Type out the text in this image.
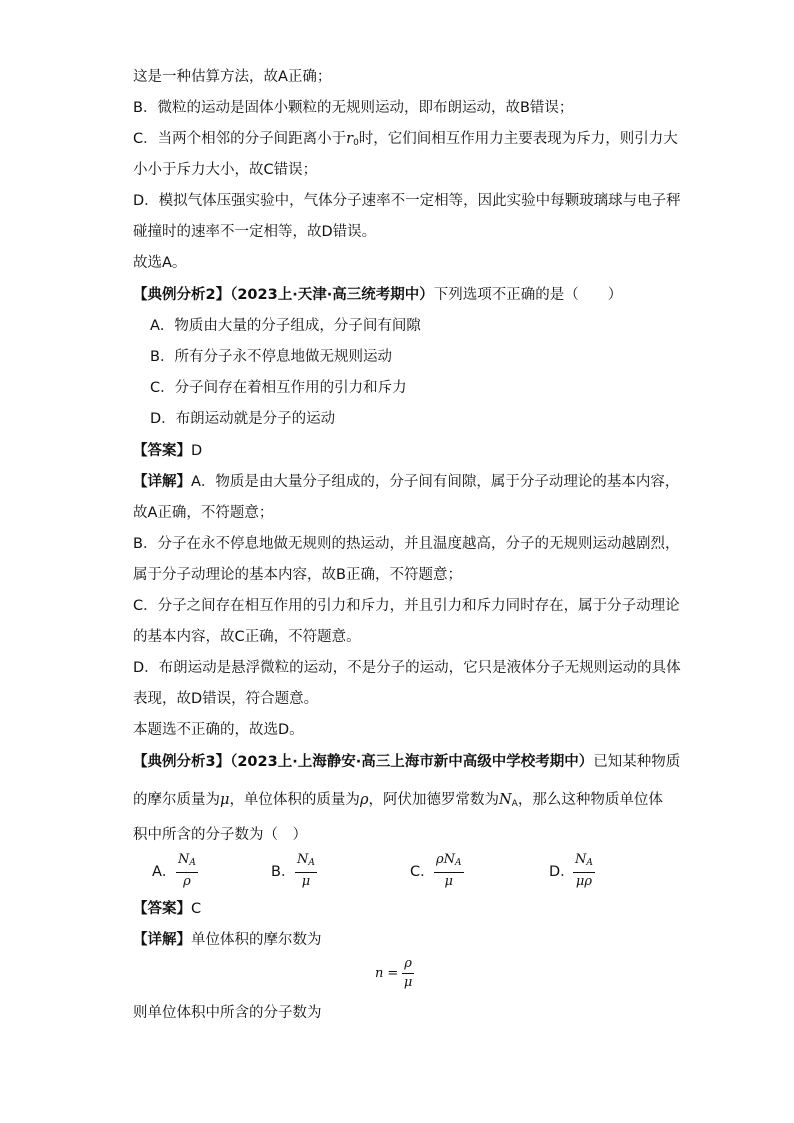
这是一种估算方法，故A正确；
B．微粒的运动是固体小颗粒的无规则运动，即布朗运动，故B错误；
C．当两个相邻的分子间距离小于$r_0$时，它们间相互作用力主要表现为斥力，则引力大
小小于斥力大小，故C错误；
D．模拟气体压强实验中，气体分子速率不一定相等，因此实验中每颗玻璃球与电子秤
碰撞时的速率不一定相等，故D错误。
故选A。
【典例分析2】（2023上·天津·高三统考期中）下列选项不正确的是（　　）
A．物质由大量的分子组成，分子间有间隙
B．所有分子永不停息地做无规则运动
C．分子间存在着相互作用的引力和斥力
D．布朗运动就是分子的运动
【答案】D
【详解】A．物质是由大量分子组成的，分子间有间隙，属于分子动理论的基本内容，
故A正确，不符题意；
B．分子在永不停息地做无规则的热运动，并且温度越高，分子的无规则运动越剧烈，
属于分子动理论的基本内容，故B正确，不符题意；
C．分子之间存在相互作用的引力和斥力，并且引力和斥力同时存在，属于分子动理论
的基本内容，故C正确，不符题意。
D．布朗运动是悬浮微粒的运动，不是分子的运动，它只是液体分子无规则运动的具体
表现，故D错误，符合题意。
本题选不正确的，故选D。
【典例分析3】（2023上·上海静安·高三上海市新中高级中学校考期中）已知某种物质
的摩尔质量为μ，单位体积的质量为ρ，阿伏加德罗常数为$N_A$，那么这种物质单位体
积中所含的分子数为（　）
A．
$N_A$
ρ
B．
$N_A$
μ
C．
$\rho N_A$
μ
D．
$N_A$
μρ
【答案】C
【详解】单位体积的摩尔数为
$n = \frac{\rho}{\mu}$
则单位体积中所含的分子数为
